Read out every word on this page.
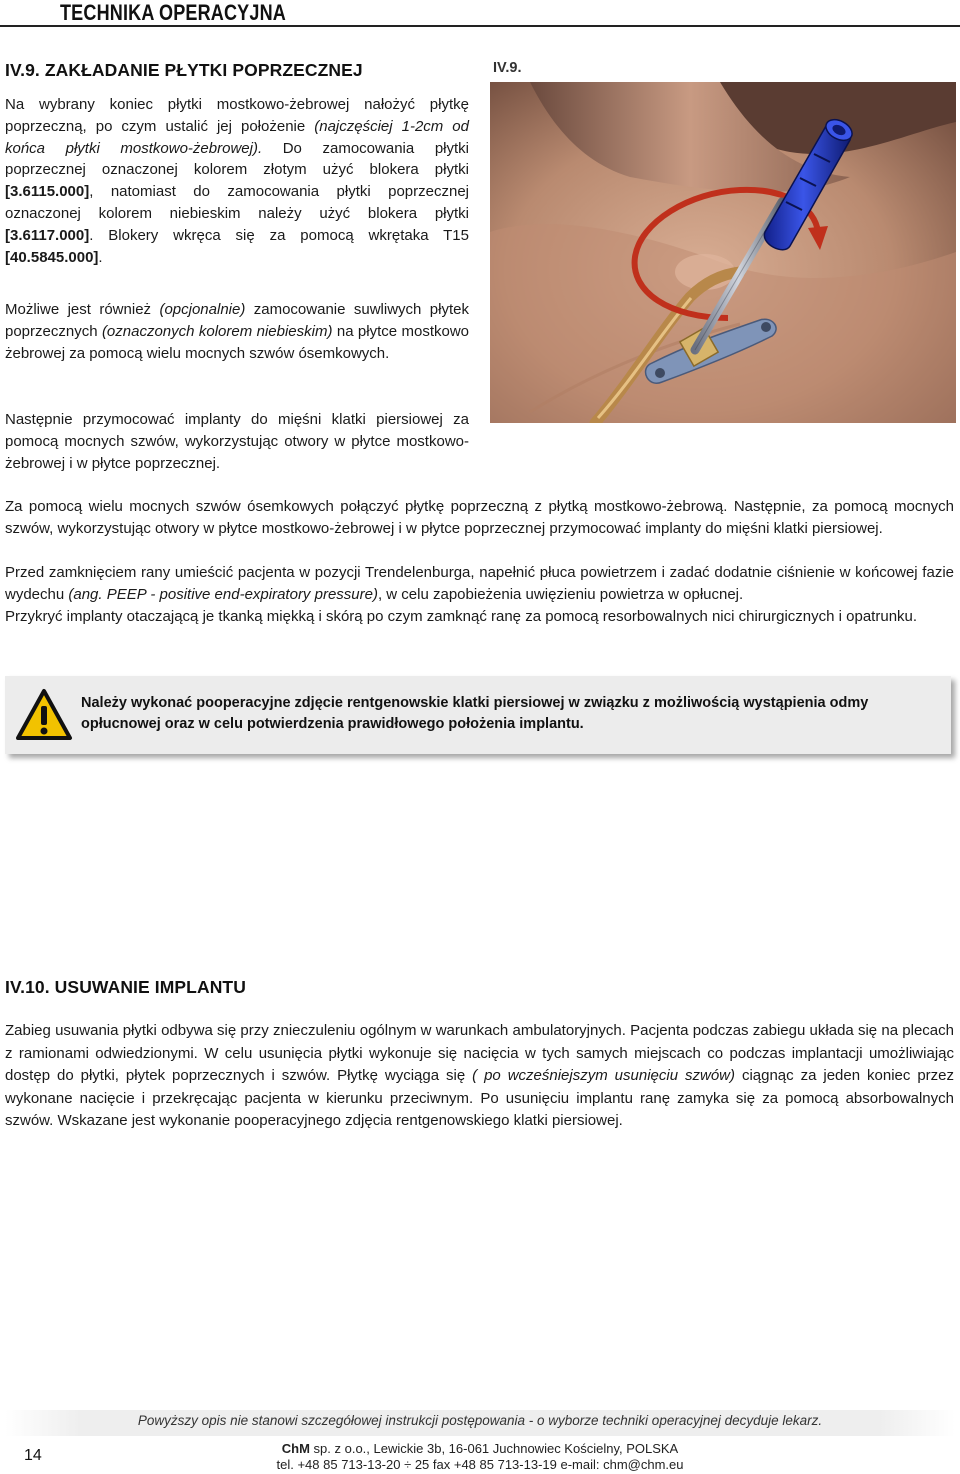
TECHNIKA OPERACYJNA
IV.9. ZAKŁADANIE PŁYTKI POPRZECZNEJ

Na wybrany koniec płytki mostkowo-żebrowej nałożyć płytkę poprzeczną, po czym ustalić jej położenie (najczęściej 1-2cm od końca płytki mostkowo-żebrowej). Do zamocowania płytki poprzecznej oznaczonej kolorem złotym użyć blokera płytki [3.6115.000], natomiast do zamocowania płytki poprzecznej oznaczonej kolorem niebieskim należy użyć blokera płytki [3.6117.000]. Blokery wkręca się za pomocą wkrętaka T15 [40.5845.000].

Możliwe jest również (opcjonalnie) zamocowanie suwliwych płytek poprzecznych (oznaczonych kolorem niebieskim) na płytce mostkowo żebrowej za pomocą wielu mocnych szwów ósemkowych.

Następnie przymocować implanty do mięśni klatki piersiowej za pomocą mocnych szwów, wykorzystując otwory w płytce mostkowo-żebrowej i w płytce poprzecznej.

IV.9.

Za pomocą wielu mocnych szwów ósemkowych połączyć płytkę poprzeczną z płytką mostkowo-żebrową. Następnie, za pomocą mocnych szwów, wykorzystując otwory w płytce mostkowo-żebrowej i w płytce poprzecznej przymocować implanty do mięśni klatki piersiowej.

Przed zamknięciem rany umieścić pacjenta w pozycji Trendelenburga, napełnić płuca powietrzem i zadać dodatnie ciśnienie w końcowej fazie wydechu (ang. PEEP - positive end-expiratory pressure), w celu zapobieżenia uwięzieniu powietrza w opłucnej.

Przykryć implanty otaczającą je tkanką miękką i skórą po czym zamknąć ranę za pomocą resorbowalnych nici chirurgicznych i opatrunku.

Należy wykonać pooperacyjne zdjęcie rentgenowskie klatki piersiowej w związku z możliwością wystąpienia odmy opłucnowej oraz w celu potwierdzenia prawidłowego położenia implantu.
IV.10. USUWANIE IMPLANTU

Zabieg usuwania płytki odbywa się przy znieczuleniu ogólnym w warunkach ambulatoryjnych. Pacjenta podczas zabiegu układa się na plecach z ramionami odwiedzionymi. W celu usunięcia płytki wykonuje się nacięcia w tych samych miejscach co podczas implantacji umożliwiając dostęp do płytki, płytek poprzecznych i szwów. Płytkę wyciąga się ( po wcześniejszym usunięciu szwów) ciągnąc za jeden koniec przez wykonane nacięcie i przekręcając pacjenta w kierunku przeciwnym. Po usunięciu implantu ranę zamyka się za pomocą absorbowalnych szwów. Wskazane jest wykonanie pooperacyjnego zdjęcia rentgenowskiego klatki piersiowej.

Powyższy opis nie stanowi szczegółowej instrukcji postępowania - o wyborze techniki operacyjnej decyduje lekarz.
14	ChM sp. z o.o., Lewickie 3b, 16-061 Juchnowiec Kościelny, POLSKA
tel. +48 85 713-13-20 ÷ 25 fax +48 85 713-13-19 e-mail: chm@chm.eu
